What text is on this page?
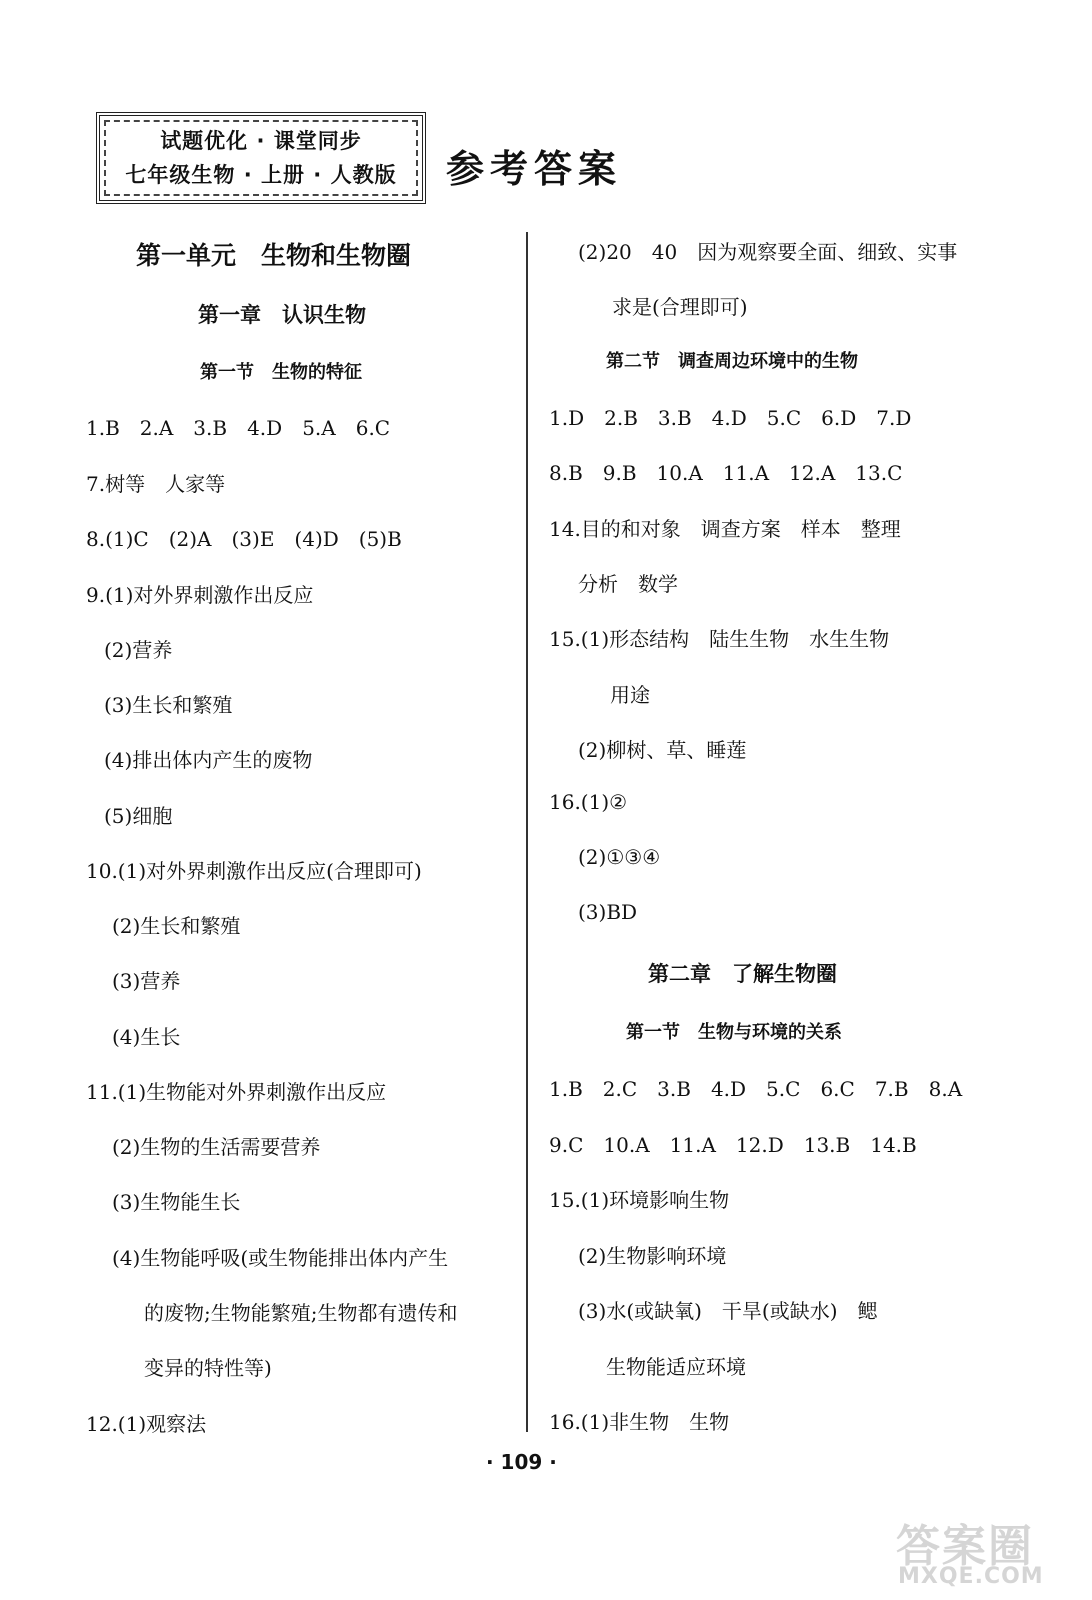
试题优化 · 课堂同步
七年级生物 · 上册 · 人教版 参考答案
第一单元　生物和生物圈
第一章　认识生物
第一节　生物的特征
1.B　2.A　3.B　4.D　5.A　6.C
7.树等　人家等
8.(1)C　(2)A　(3)E　(4)D　(5)B
9.(1)对外界刺激作出反应
(2)营养
(3)生长和繁殖
(4)排出体内产生的废物
(5)细胞
10.(1)对外界刺激作出反应(合理即可)
(2)生长和繁殖
(3)营养
(4)生长
11.(1)生物能对外界刺激作出反应
(2)生物的生活需要营养
(3)生物能生长
(4)生物能呼吸(或生物能排出体内产生
的废物;生物能繁殖;生物都有遗传和
变异的特性等)
12.(1)观察法
(2)20　40　因为观察要全面、细致、实事
求是(合理即可)
第二节　调查周边环境中的生物
1.D　2.B　3.B　4.D　5.C　6.D　7.D
8.B　9.B　10.A　11.A　12.A　13.C
14.目的和对象　调查方案　样本　整理
分析　数学
15.(1)形态结构　陆生生物　水生生物
用途
(2)柳树、草、睡莲
16.(1)②
(2)①③④
(3)BD
第二章　了解生物圈
第一节　生物与环境的关系
1.B　2.C　3.B　4.D　5.C　6.C　7.B　8.A
9.C　10.A　11.A　12.D　13.B　14.B
15.(1)环境影响生物
(2)生物影响环境
(3)水(或缺氧)　干旱(或缺水)　鳃
生物能适应环境
16.(1)非生物　生物
· 109 ·
答案圈
MXQE.COM
